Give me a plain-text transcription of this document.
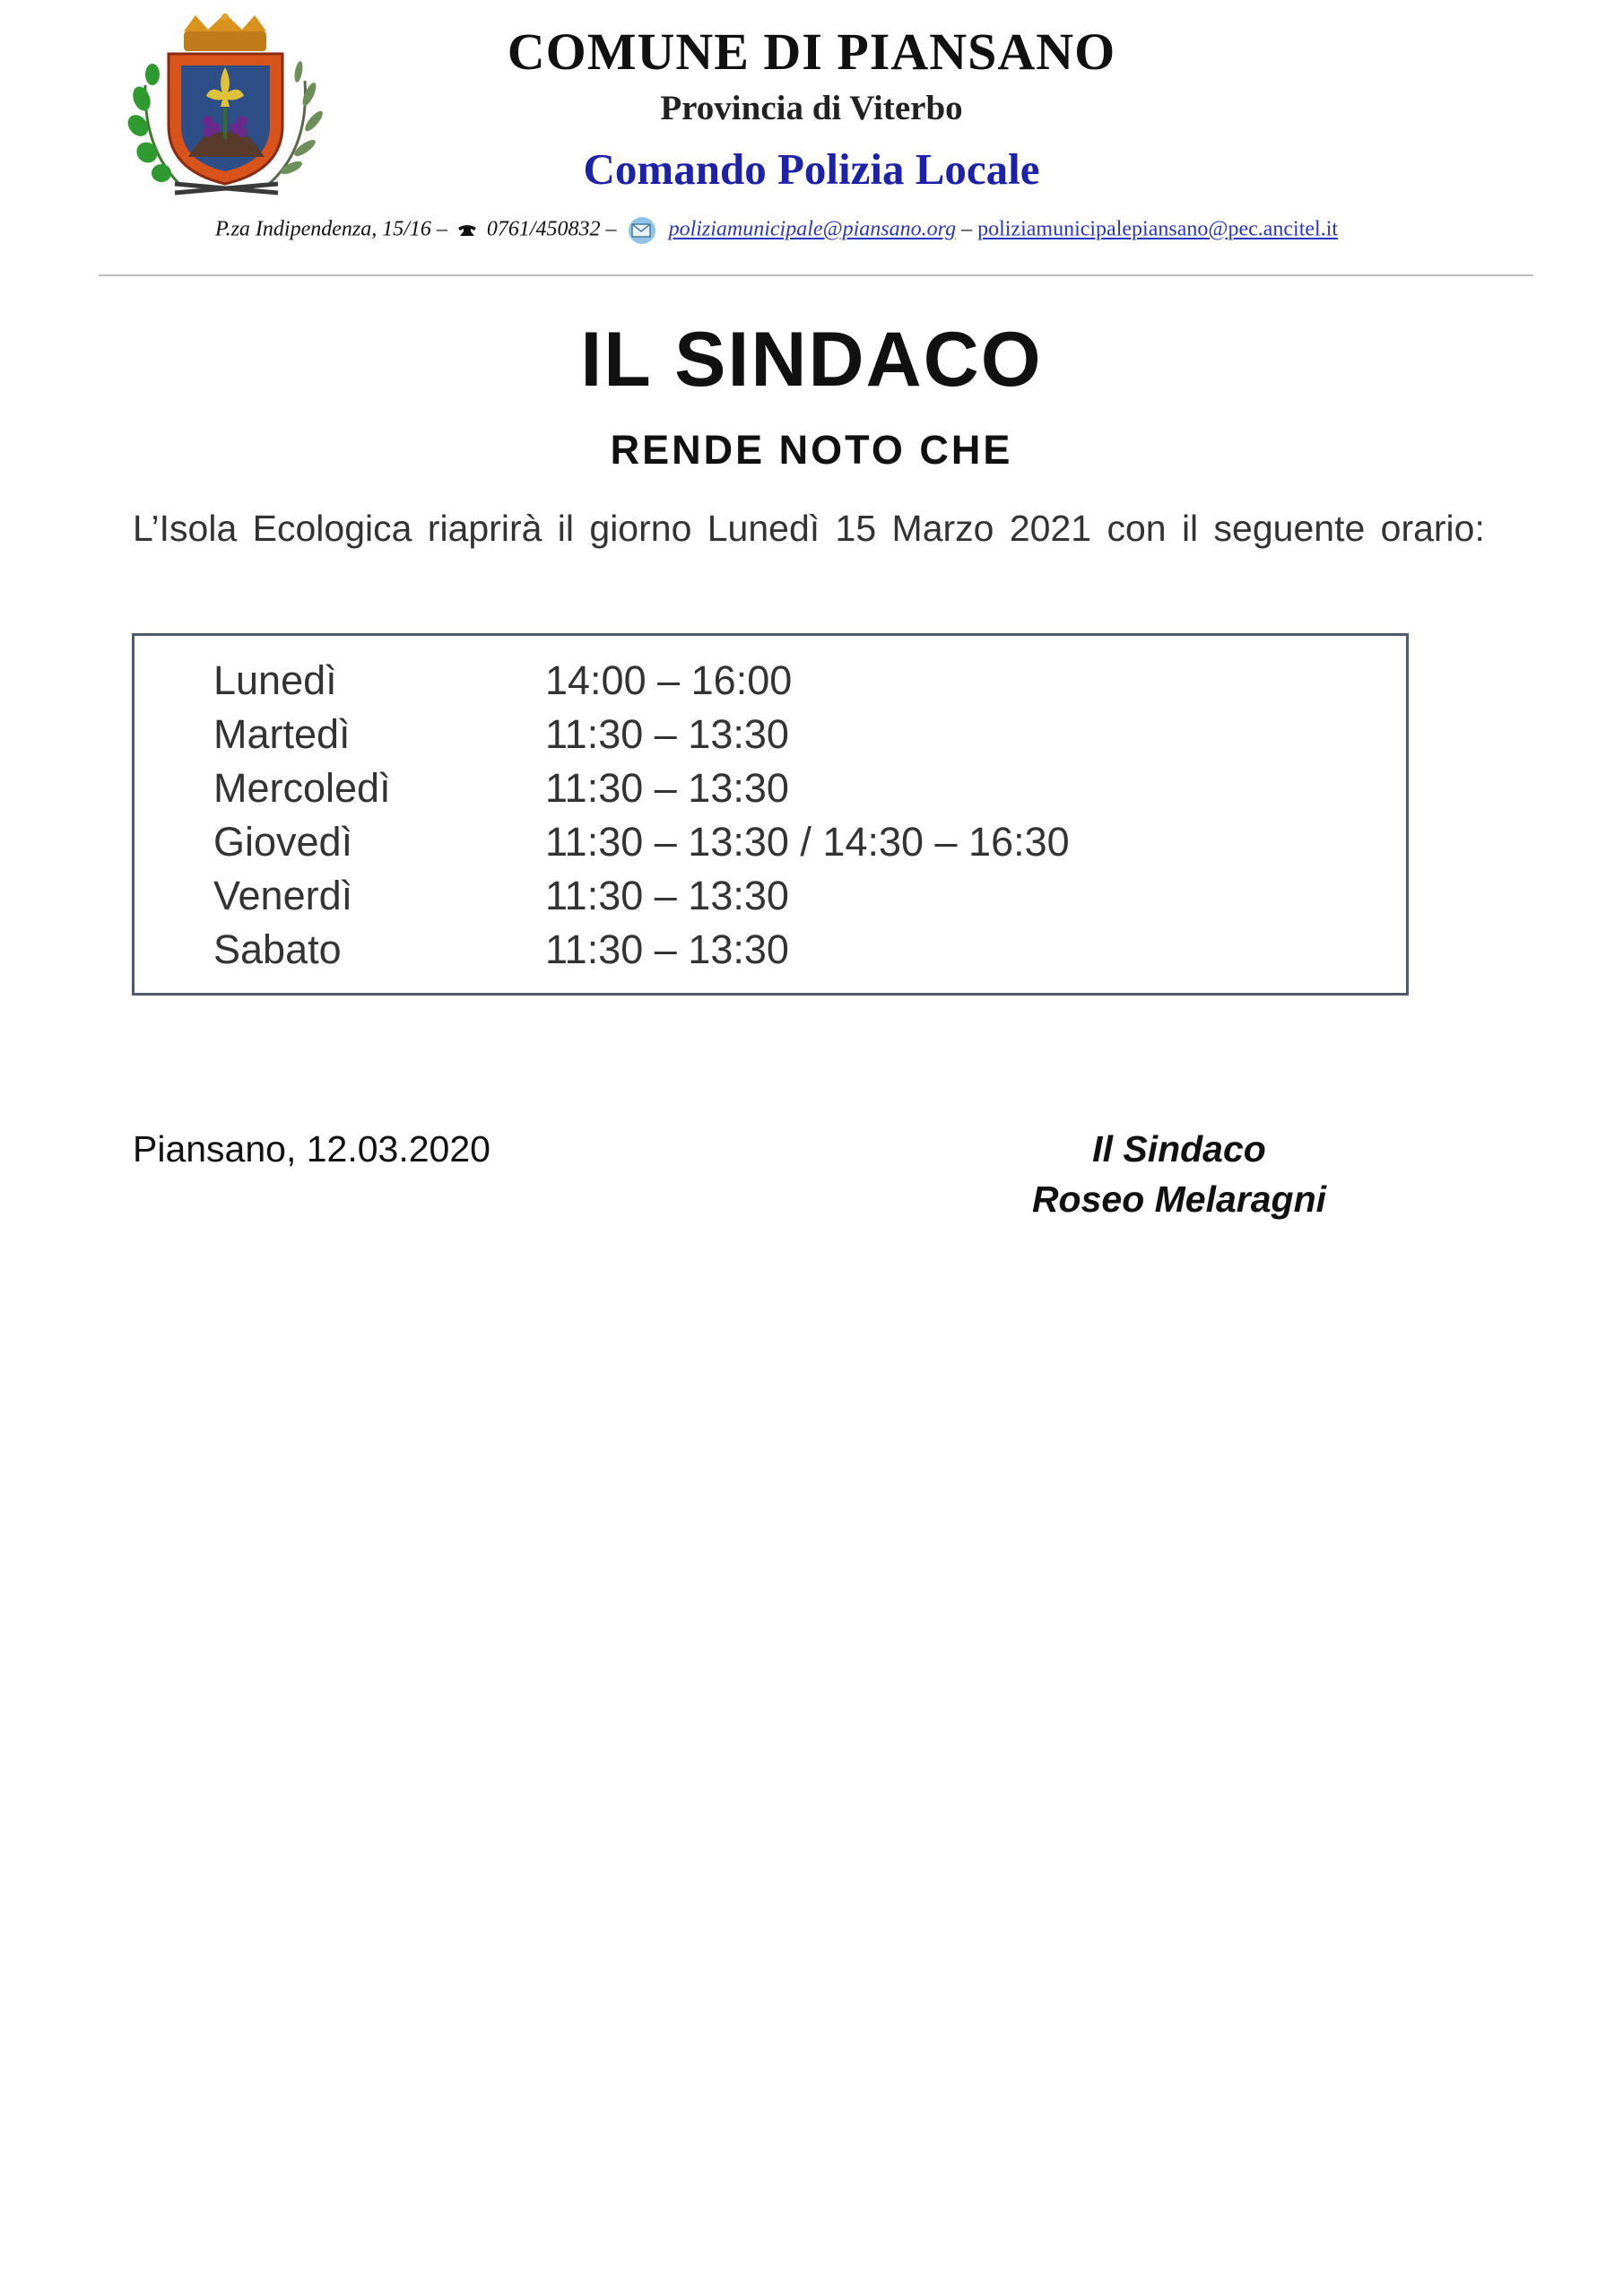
COMUNE DI PIANSANO
Provincia di Viterbo
Comando Polizia Locale
P.za Indipendenza, 15/16 – 0761/450832 – poliziamunicipale@piansano.org – poliziamunicipalepiansano@pec.ancitel.it
IL SINDACO
RENDE NOTO CHE
L’Isola Ecologica riaprirà il giorno Lunedì 15 Marzo 2021 con il seguente orario:
Lunedì	14:00 – 16:00
Martedì	11:30 – 13:30
Mercoledì	11:30 – 13:30
Giovedì	11:30 – 13:30 / 14:30 – 16:30
Venerdì	11:30 – 13:30
Sabato	11:30 – 13:30
Piansano, 12.03.2020	Il Sindaco
Roseo Melaragni
